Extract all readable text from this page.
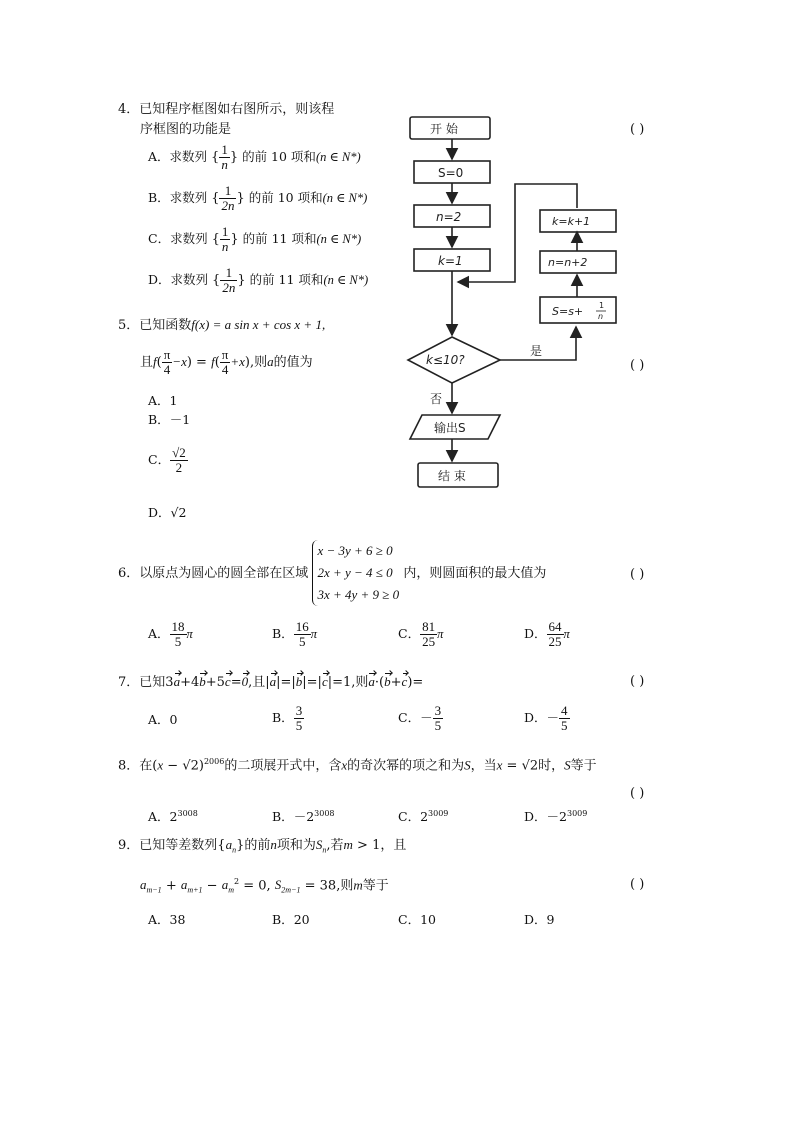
4．已知程序框图如右图所示，则该程
序框图的功能是	( )
A．求数列 { $\frac{1}{n}$ } 的前 10 项和(n ∈ N*)
B．求数列 { $\frac{1}{2n}$ } 的前 10 项和(n ∈ N*)
C．求数列 { $\frac{1}{n}$ } 的前 11 项和(n ∈ N*)
D．求数列 { $\frac{1}{2n}$ } 的前 11 项和(n ∈ N*)
开 始
S=0
n=2
k=1
k≤10?
是
否
输出S
结 束
k=k+1
n=n+2
S=s+ 1
n
5．已知函数f(x) = a sin x + cos x + 1,
且$f( \frac{\pi}{4} -x) = f( \frac{\pi}{4} +x)$,则a的值为	( )
A．1
B．－1
C． $\frac{√2}{2}$
D．√2
6．以原点为圆心的圆全部在区域
x − 3y + 6 ≥ 0
2x + y − 4 ≤ 0
3x + 4y + 9 ≥ 0
内，则圆面积的最大值为	( )
A． $\frac{18}{5}$ π	B． $\frac{16}{5}$ π	C． $\frac{81}{25}$ π	D． $\frac{64}{25}$ π
7．已知3a+4b+5c=0,且|a|=|b|=|c|=1,则a·(b+c)=	( )
A．0	B． $\frac{3}{5}$	C．－ $\frac{3}{5}$	D．－ $\frac{4}{5}$
8．在$(x - √2)^{2006}$的二项展开式中，含x的奇次幂的项之和为S，当x = √2时，S等于
( )
A．$2^{3008}$	B．$-2^{3008}$	C．$2^{3009}$	D．$-2^{3009}$
9．已知等差数列$\{a_n\}$的前n项和为$S_n$,若m > 1，且
$a_{m-1} + a_{m+1} - a_m^2 = 0$, $S_{2m-1} = 38$,则m等于	( )
A．38	B．20	C．10	D．9
